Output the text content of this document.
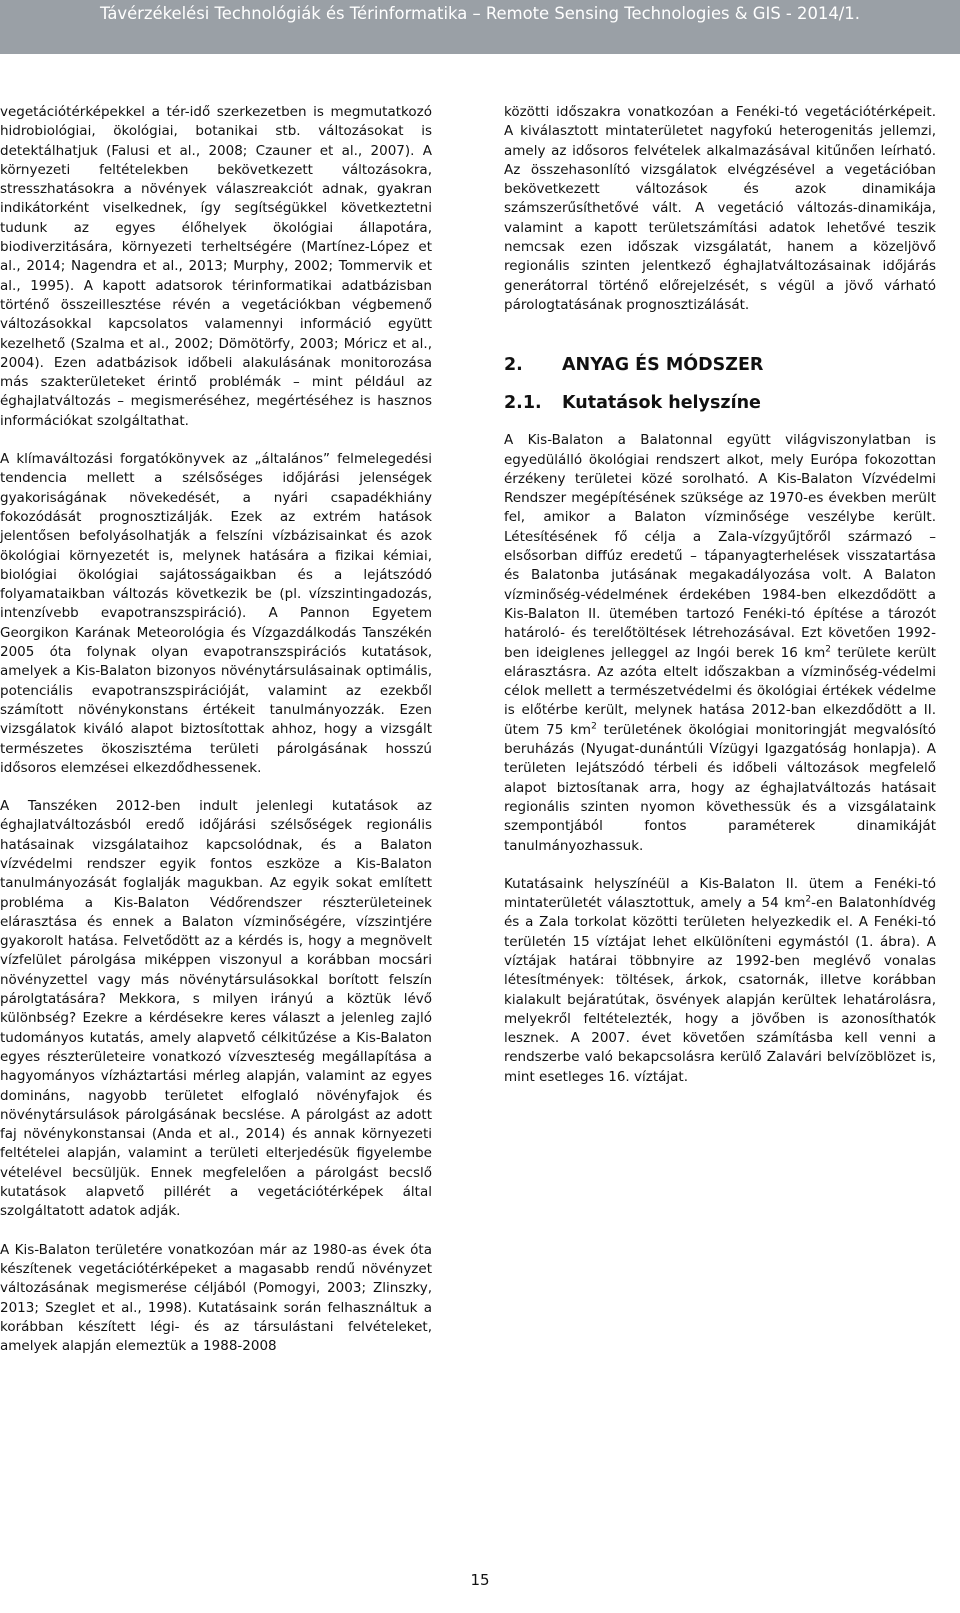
Távérzékelési Technológiák és Térinformatika – Remote Sensing Technologies & GIS - 2014/1.

vegetációtérképekkel a tér-idő szerkezetben is megmutatkozó hidrobiológiai, ökológiai, botanikai stb. változásokat is detektálhatjuk (Falusi et al., 2008; Czauner et al., 2007). A környezeti feltételekben bekövetkezett változásokra, stresszhatásokra a növények válaszreakciót adnak, gyakran indikátorként viselkednek, így segítségükkel következtetni tudunk az egyes élőhelyek ökológiai állapotára, biodiverzitására, környezeti terheltségére (Martínez-López et al., 2014; Nagendra et al., 2013; Murphy, 2002; Tommervik et al., 1995). A kapott adatsorok térinformatikai adatbázisban történő összeillesztése révén a vegetációkban végbemenő változásokkal kapcsolatos valamennyi információ együtt kezelhető (Szalma et al., 2002; Dömötörfy, 2003; Móricz et al., 2004). Ezen adatbázisok időbeli alakulásának monitorozása más szakterületeket érintő problémák – mint például az éghajlatváltozás – megismeréséhez, megértéséhez is hasznos információkat szolgáltathat.

A klímaváltozási forgatókönyvek az „általános” felmelegedési tendencia mellett a szélsőséges időjárási jelenségek gyakoriságának növekedését, a nyári csapadékhiány fokozódását prognosztizálják. Ezek az extrém hatások jelentősen befolyásolhatják a felszíni vízbázisainkat és azok ökológiai környezetét is, melynek hatására a fizikai kémiai, biológiai ökológiai sajátosságaikban és a lejátszódó folyamataikban változás következik be (pl. vízszintingadozás, intenzívebb evapotranszspiráció). A Pannon Egyetem Georgikon Karának Meteorológia és Vízgazdálkodás Tanszékén 2005 óta folynak olyan evapotranszspirációs kutatások, amelyek a Kis-Balaton bizonyos növénytársulásainak optimális, potenciális evapotranszspirációját, valamint az ezekből számított növénykonstans értékeit tanulmányozzák. Ezen vizsgálatok kiváló alapot biztosítottak ahhoz, hogy a vizsgált természetes ökoszisztéma területi párolgásának hosszú idősoros elemzései elkezdődhessenek.

A Tanszéken 2012-ben indult jelenlegi kutatások az éghajlatváltozásból eredő időjárási szélsőségek regionális hatásainak vizsgálataihoz kapcsolódnak, és a Balaton vízvédelmi rendszer egyik fontos eszköze a Kis-Balaton tanulmányozását foglalják magukban. Az egyik sokat említett probléma a Kis-Balaton Védőrendszer részterületeinek elárasztása és ennek a Balaton vízminőségére, vízszintjére gyakorolt hatása. Felvetődött az a kérdés is, hogy a megnövelt vízfelület párolgása miképpen viszonyul a korábban mocsári növényzettel vagy más növénytársulásokkal borított felszín párolgtatására? Mekkora, s milyen irányú a köztük lévő különbség? Ezekre a kérdésekre keres választ a jelenleg zajló tudományos kutatás, amely alapvető célkitűzése a Kis-Balaton egyes részterületeire vonatkozó vízveszteség megállapítása a hagyományos vízháztartási mérleg alapján, valamint az egyes domináns, nagyobb területet elfoglaló növényfajok és növénytársulások párolgásának becslése. A párolgást az adott faj növénykonstansai (Anda et al., 2014) és annak környezeti feltételei alapján, valamint a területi elterjedésük figyelembe vételével becsüljük. Ennek megfelelően a párolgást becslő kutatások alapvető pillérét a vegetációtérképek által szolgáltatott adatok adják.

A Kis-Balaton területére vonatkozóan már az 1980-as évek óta készítenek vegetációtérképeket a magasabb rendű növényzet változásának megismerése céljából (Pomogyi, 2003; Zlinszky, 2013; Szeglet et al., 1998). Kutatásaink során felhasználtuk a korábban készített légi- és az társulástani felvételeket, amelyek alapján elemeztük a 1988-2008

közötti időszakra vonatkozóan a Fenéki-tó vegetációtérképeit. A kiválasztott mintaterületet nagyfokú heterogenitás jellemzi, amely az idősoros felvételek alkalmazásával kitűnően leírható. Az összehasonlító vizsgálatok elvégzésével a vegetációban bekövetkezett változások és azok dinamikája számszerűsíthetővé vált. A vegetáció változás-dinamikája, valamint a kapott területszámítási adatok lehetővé teszik nemcsak ezen időszak vizsgálatát, hanem a közeljövő regionális szinten jelentkező éghajlatváltozásainak időjárás generátorral történő előrejelzését, s végül a jövő várható párologtatásának prognosztizálását.

2.	ANYAG ÉS MÓDSZER
2.1.	Kutatások helyszíne

A Kis-Balaton a Balatonnal együtt világviszonylatban is egyedülálló ökológiai rendszert alkot, mely Európa fokozottan érzékeny területei közé sorolható. A Kis-Balaton Vízvédelmi Rendszer megépítésének szüksége az 1970-es években merült fel, amikor a Balaton vízminősége veszélybe került. Létesítésének fő célja a Zala-vízgyűjtőről származó – elsősorban diffúz eredetű – tápanyagterhelések visszatartása és Balatonba jutásának megakadályozása volt. A Balaton vízminőség-védelmének érdekében 1984-ben elkezdődött a Kis-Balaton II. ütemében tartozó Fenéki-tó építése a tározót határoló- és terelőtöltések létrehozásával. Ezt követően 1992-ben ideiglenes jelleggel az Ingói berek 16 $km^2$ területe került elárasztásra. Az azóta eltelt időszakban a vízminőség-védelmi célok mellett a természetvédelmi és ökológiai értékek védelme is előtérbe került, melynek hatása 2012-ban elkezdődött a II. ütem 75 $km^2$ területének ökológiai monitoringját megvalósító beruházás (Nyugat-dunántúli Vízügyi Igazgatóság honlapja). A területen lejátszódó térbeli és időbeli változások megfelelő alapot biztosítanak arra, hogy az éghajlatváltozás hatásait regionális szinten nyomon követhessük és a vizsgálataink szempontjából fontos paraméterek dinamikáját tanulmányozhassuk.

Kutatásaink helyszínéül a Kis-Balaton II. ütem a Fenéki-tó mintaterületét választottuk, amely a 54 $km^2-en$ Balatonhídvég és a Zala torkolat közötti területen helyezkedik el. A Fenéki-tó területén 15 víztájat lehet elkülöníteni egymástól (1. ábra). A víztájak határai többnyire az 1992-ben meglévő vonalas létesítmények: töltések, árkok, csatornák, illetve korábban kialakult bejáratútak, ösvények alapján kerültek lehatárolásra, melyekről feltételezték, hogy a jövőben is azonosíthatók lesznek. A 2007. évet követően számításba kell venni a rendszerbe való bekapcsolásra kerülő Zalavári belvízöblözet is, mint esetleges 16. víztájat.

15
